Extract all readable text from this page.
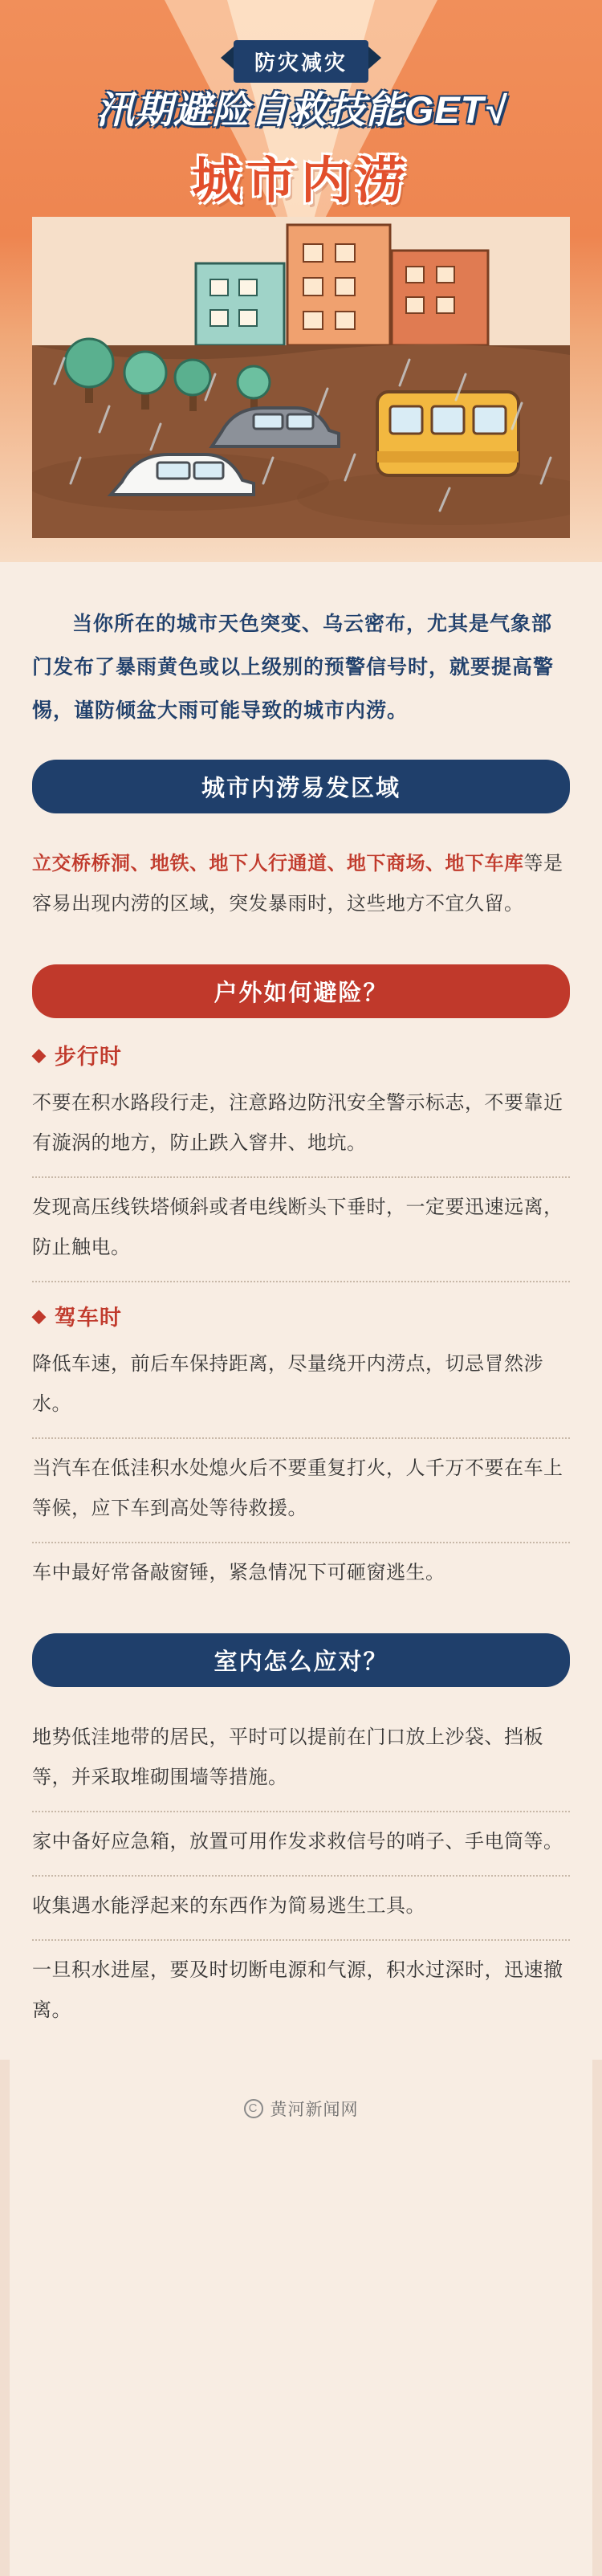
防灾减灾
汛期避险自救技能GET√
城市内涝
当你所在的城市天色突变、乌云密布，尤其是气象部门发布了暴雨黄色或以上级别的预警信号时，就要提高警惕，谨防倾盆大雨可能导致的城市内涝。
城市内涝易发区域
立交桥桥洞、地铁、地下人行通道、地下商场、地下车库等是容易出现内涝的区域，突发暴雨时，这些地方不宜久留。
户外如何避险？
◆ 步行时
不要在积水路段行走，注意路边防汛安全警示标志，不要靠近有漩涡的地方，防止跌入窨井、地坑。
发现高压线铁塔倾斜或者电线断头下垂时，一定要迅速远离，防止触电。
◆ 驾车时
降低车速，前后车保持距离，尽量绕开内涝点，切忌冒然涉水。
当汽车在低洼积水处熄火后不要重复打火，人千万不要在车上等候，应下车到高处等待救援。
车中最好常备敲窗锤，紧急情况下可砸窗逃生。
室内怎么应对？
地势低洼地带的居民，平时可以提前在门口放上沙袋、挡板等，并采取堆砌围墙等措施。
家中备好应急箱，放置可用作发求救信号的哨子、手电筒等。
收集遇水能浮起来的东西作为简易逃生工具。
一旦积水进屋，要及时切断电源和气源，积水过深时，迅速撤离。
C 黄河新闻网
